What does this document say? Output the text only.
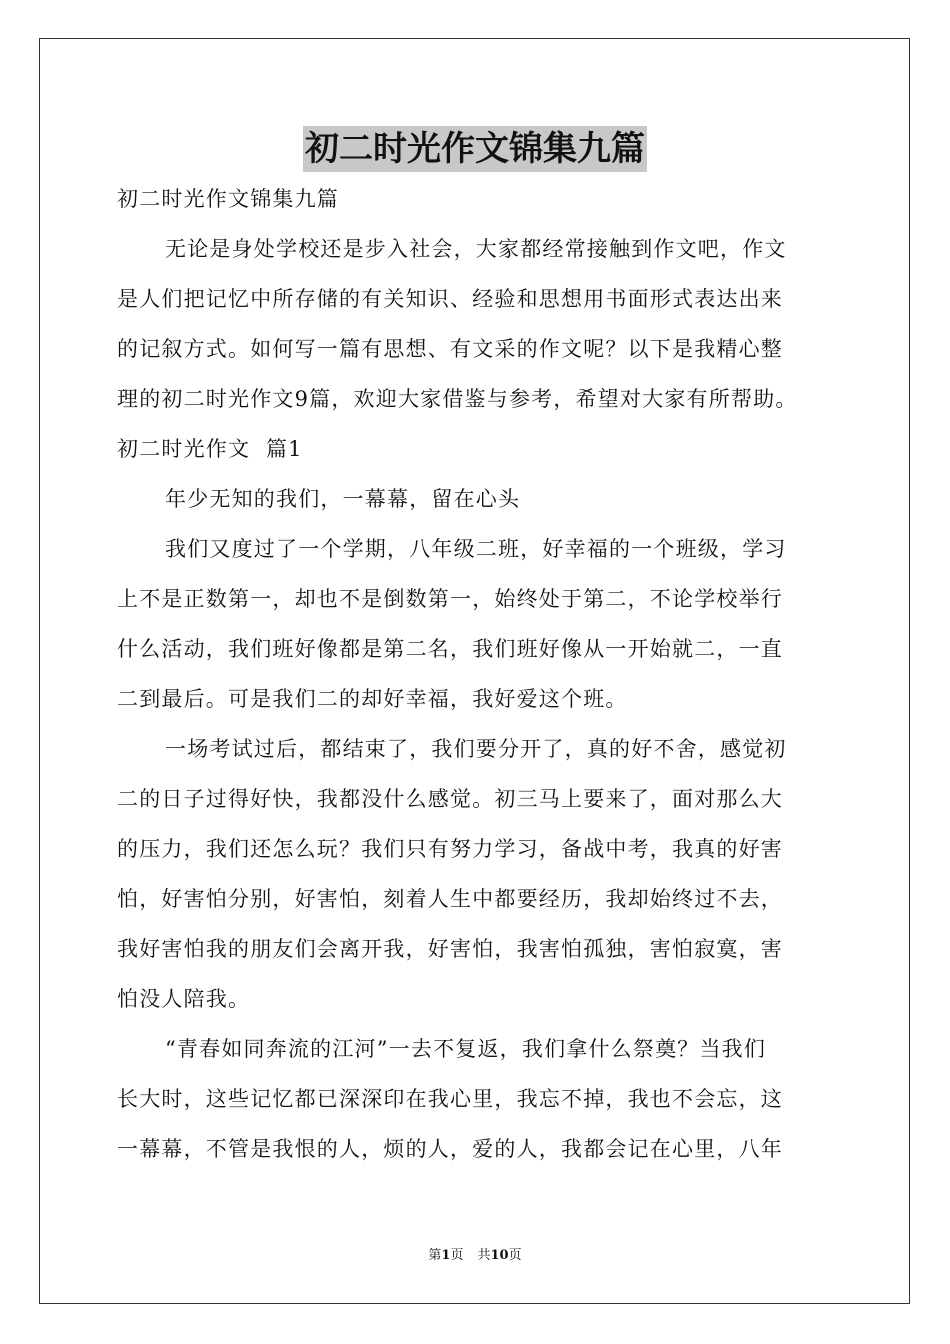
初二时光作文锦集九篇
初二时光作文锦集九篇
无论是身处学校还是步入社会，大家都经常接触到作文吧，作文
是人们把记忆中所存储的有关知识、经验和思想用书面形式表达出来
的记叙方式。如何写一篇有思想、有文采的作文呢？以下是我精心整
理的初二时光作文9篇，欢迎大家借鉴与参考，希望对大家有所帮助。
初二时光作文  篇1
年少无知的我们，一幕幕，留在心头
我们又度过了一个学期，八年级二班，好幸福的一个班级，学习
上不是正数第一，却也不是倒数第一，始终处于第二，不论学校举行
什么活动，我们班好像都是第二名，我们班好像从一开始就二，一直
二到最后。可是我们二的却好幸福，我好爱这个班。
一场考试过后，都结束了，我们要分开了，真的好不舍，感觉初
二的日子过得好快，我都没什么感觉。初三马上要来了，面对那么大
的压力，我们还怎么玩？我们只有努力学习，备战中考，我真的好害
怕，好害怕分别，好害怕，刻着人生中都要经历，我却始终过不去，
我好害怕我的朋友们会离开我，好害怕，我害怕孤独，害怕寂寞，害
怕没人陪我。
“青春如同奔流的江河”一去不复返，我们拿什么祭奠？当我们
长大时，这些记忆都已深深印在我心里，我忘不掉，我也不会忘，这
一幕幕，不管是我恨的人，烦的人，爱的人，我都会记在心里，八年
第1页 共10页
